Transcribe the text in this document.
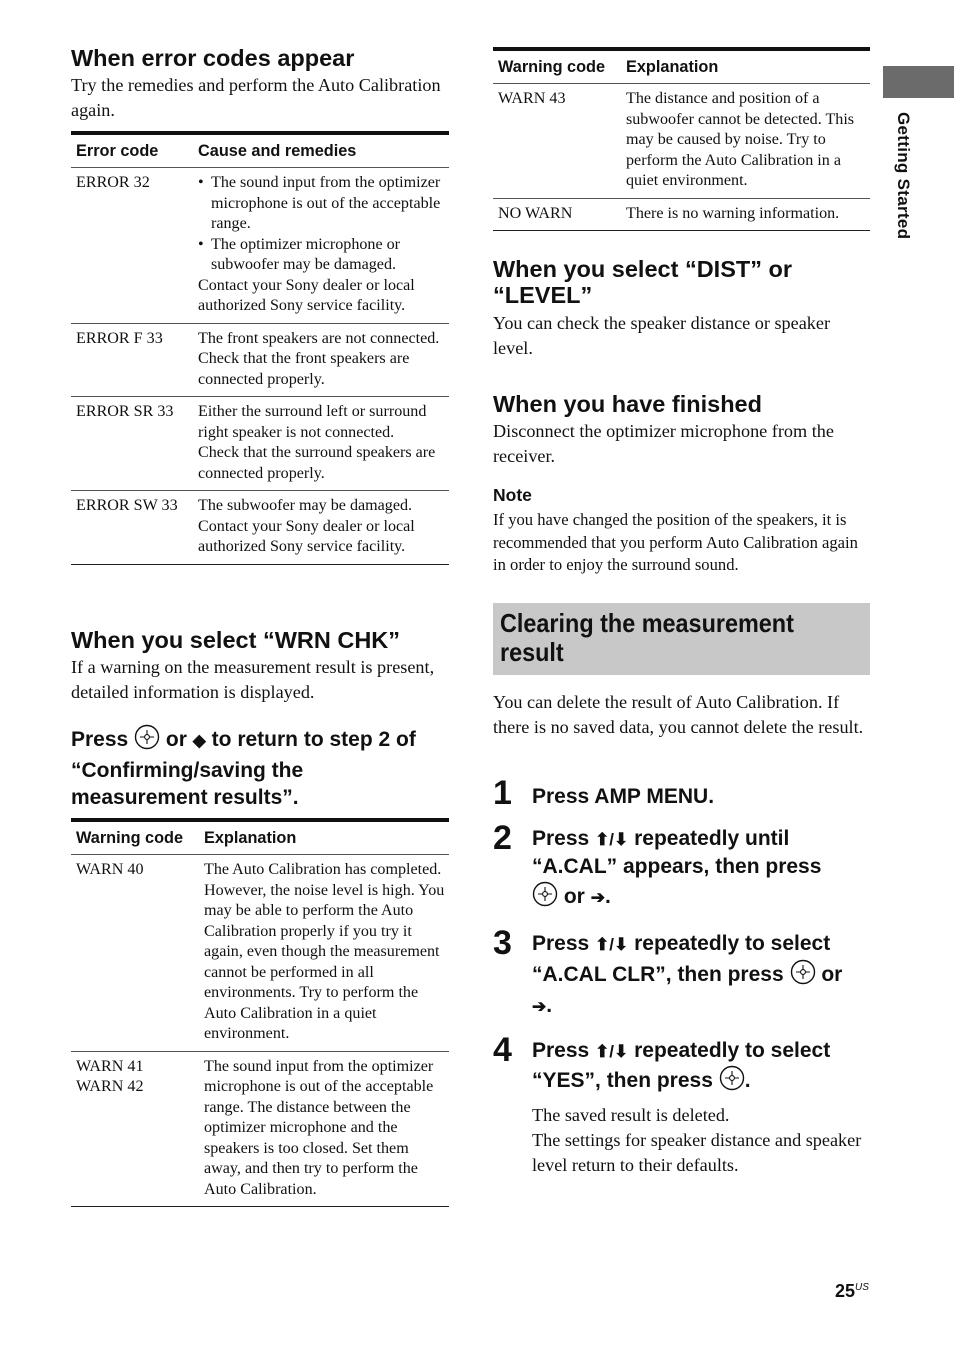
Getting Started
When error codes appear

Try the remedies and perform the Auto Calibration again.

Error code	Cause and remedies
ERROR 32	• The sound input from the optimizer microphone is out of the acceptable range.
• The optimizer microphone or subwoofer may be damaged.
Contact your Sony dealer or local authorized Sony service facility.

ERROR F 33	The front speakers are not connected.
Check that the front speakers are connected properly.

ERROR SR 33	Either the surround left or surround right speaker is not connected.
Check that the surround speakers are connected properly.

ERROR SW 33	The subwoofer may be damaged.
Contact your Sony dealer or local authorized Sony service facility.
When you select “WRN CHK”

If a warning on the measurement result is present, detailed information is displayed.

Press or ◆ to return to step 2 of
“Confirming/saving the
measurement results”.
Warning code	Explanation
WARN 40	The Auto Calibration has completed. However, the noise level is high. You may be able to perform the Auto Calibration properly if you try it again, even though the measurement cannot be performed in all environments. Try to perform the Auto Calibration in a quiet environment.

WARN 41
WARN 42	The sound input from the optimizer microphone is out of the acceptable range. The distance between the optimizer microphone and the speakers is too closed. Set them away, and then try to perform the Auto Calibration.
Warning code	Explanation
WARN 43	The distance and position of a subwoofer cannot be detected. This may be caused by noise. Try to perform the Auto Calibration in a quiet environment.
NO WARN	There is no warning information.
When you select “DIST” or “LEVEL”

You can check the speaker distance or speaker level.

When you have finished

Disconnect the optimizer microphone from the receiver.

Note

If you have changed the position of the speakers, it is recommended that you perform Auto Calibration again in order to enjoy the surround sound.

Clearing the measurement
result

You can delete the result of Auto Calibration. If there is no saved data, you cannot delete the result.

1 Press AMP MENU.
2 Press ⬆/⬇ repeatedly until
“A.CAL” appears, then press
or ➔.
3 Press ⬆/⬇ repeatedly to select
“A.CAL CLR”, then press or
➔.
4 Press ⬆/⬇ repeatedly to select
“YES”, then press .

The saved result is deleted.

The settings for speaker distance and speaker level return to their defaults.

$25^{US}$
